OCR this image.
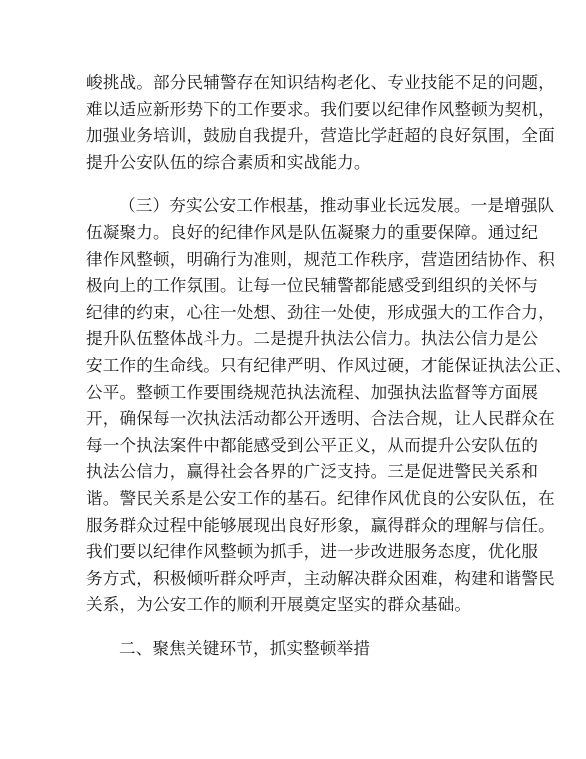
峻挑战。部分民辅警存在知识结构老化、专业技能不足的问题，
难以适应新形势下的工作要求。我们要以纪律作风整顿为契机，
加强业务培训，鼓励自我提升，营造比学赶超的良好氛围，全面
提升公安队伍的综合素质和实战能力。
（三）夯实公安工作根基，推动事业长远发展。一是增强队
伍凝聚力。良好的纪律作风是队伍凝聚力的重要保障。通过纪
律作风整顿，明确行为准则，规范工作秩序，营造团结协作、积
极向上的工作氛围。让每一位民辅警都能感受到组织的关怀与
纪律的约束，心往一处想、劲往一处使，形成强大的工作合力，
提升队伍整体战斗力。二是提升执法公信力。执法公信力是公
安工作的生命线。只有纪律严明、作风过硬，才能保证执法公正、
公平。整顿工作要围绕规范执法流程、加强执法监督等方面展
开，确保每一次执法活动都公开透明、合法合规，让人民群众在
每一个执法案件中都能感受到公平正义，从而提升公安队伍的
执法公信力，赢得社会各界的广泛支持。三是促进警民关系和
谐。警民关系是公安工作的基石。纪律作风优良的公安队伍，在
服务群众过程中能够展现出良好形象，赢得群众的理解与信任。
我们要以纪律作风整顿为抓手，进一步改进服务态度，优化服
务方式，积极倾听群众呼声，主动解决群众困难，构建和谐警民
关系，为公安工作的顺利开展奠定坚实的群众基础。
二、聚焦关键环节，抓实整顿举措
